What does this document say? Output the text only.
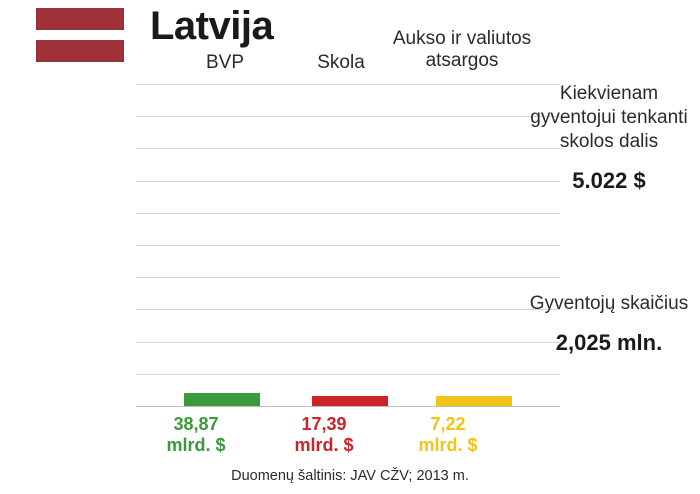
Latvija
BVP	Skola
Aukso ir valiutos
atsargos
38,87
mlrd. $
17,39
mlrd. $
7,22
mlrd. $
Kiekvienam gyventojui tenkanti skolos dalis
5.022 $
Gyventojų skaičius
2,025 mln.
Duomenų šaltinis: JAV CŽV; 2013 m.
